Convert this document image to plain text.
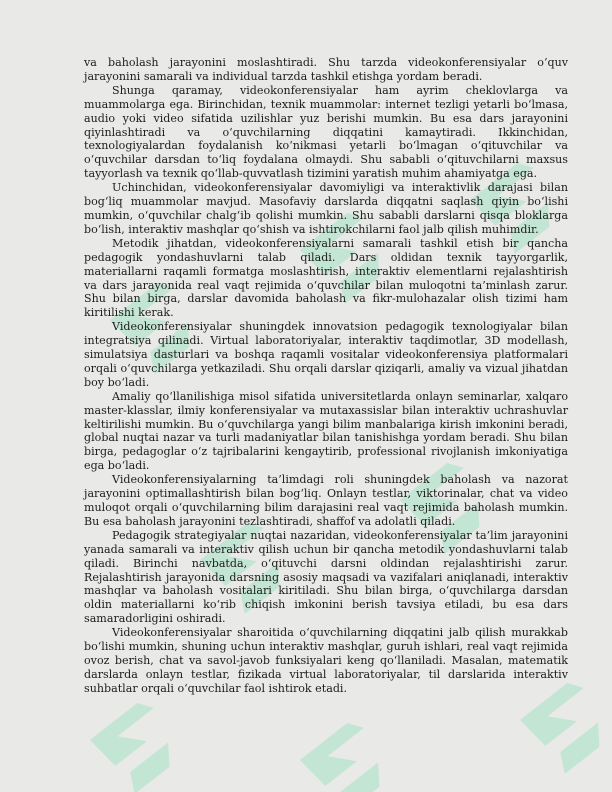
va baholash jarayonini moslashtiradi. Shu tarzda videokonferensiyalar o‘quv jarayonini samarali va individual tarzda tashkil etishga yordam beradi.

Shunga qaramay, videokonferensiyalar ham ayrim cheklovlarga va muammolarga ega. Birinchidan, texnik muammolar: internet tezligi yetarli bo‘lmasa, audio yoki video sifatida uzilishlar yuz berishi mumkin. Bu esa dars jarayonini qiyinlashtiradi va o‘quvchilarning diqqatini kamaytiradi. Ikkinchidan, texnologiyalardan foydalanish ko‘nikmasi yetarli bo‘lmagan o‘qituvchilar va o‘quvchilar darsdan to‘liq foydalana olmaydi. Shu sababli o‘qituvchilarni maxsus tayyorlash va texnik qo‘llab-quvvatlash tizimini yaratish muhim ahamiyatga ega.

Uchinchidan, videokonferensiyalar davomiyligi va interaktivlik darajasi bilan bog‘liq muammolar mavjud. Masofaviy darslarda diqqatni saqlash qiyin bo‘lishi mumkin, o‘quvchilar chalg‘ib qolishi mumkin. Shu sababli darslarni qisqa bloklarga bo‘lish, interaktiv mashqlar qo‘shish va ishtirokchilarni faol jalb qilish muhimdir.

Metodik jihatdan, videokonferensiyalarni samarali tashkil etish bir qancha pedagogik yondashuvlarni talab qiladi. Dars oldidan texnik tayyorgarlik, materiallarni raqamli formatga moslashtirish, interaktiv elementlarni rejalashtirish va dars jarayonida real vaqt rejimida o‘quvchilar bilan muloqotni ta’minlash zarur. Shu bilan birga, darslar davomida baholash va fikr-mulohazalar olish tizimi ham kiritilishi kerak.

Videokonferensiyalar shuningdek innovatsion pedagogik texnologiyalar bilan integratsiya qilinadi. Virtual laboratoriyalar, interaktiv taqdimotlar, 3D modellash, simulatsiya dasturlari va boshqa raqamli vositalar videokonferensiya platformalari orqali o‘quvchilarga yetkaziladi. Shu orqali darslar qiziqarli, amaliy va vizual jihatdan boy bo‘ladi.

Amaliy qo‘llanilishiga misol sifatida universitetlarda onlayn seminarlar, xalqaro master-klasslar, ilmiy konferensiyalar va mutaxassislar bilan interaktiv uchrashuvlar keltirilishi mumkin. Bu o‘quvchilarga yangi bilim manbalariga kirish imkonini beradi, global nuqtai nazar va turli madaniyatlar bilan tanishishga yordam beradi. Shu bilan birga, pedagoglar o‘z tajribalarini kengaytirib, professional rivojlanish imkoniyatiga ega bo‘ladi.

Videokonferensiyalarning ta’limdagi roli shuningdek baholash va nazorat jarayonini optimallashtirish bilan bog‘liq. Onlayn testlar, viktorinalar, chat va video muloqot orqali o‘quvchilarning bilim darajasini real vaqt rejimida baholash mumkin. Bu esa baholash jarayonini tezlashtiradi, shaffof va adolatli qiladi.

Pedagogik strategiyalar nuqtai nazaridan, videokonferensiyalar ta’lim jarayonini yanada samarali va interaktiv qilish uchun bir qancha metodik yondashuvlarni talab qiladi. Birinchi navbatda, o‘qituvchi darsni oldindan rejalashtirishi zarur. Rejalashtirish jarayonida darsning asosiy maqsadi va vazifalari aniqlanadi, interaktiv mashqlar va baholash vositalari kiritiladi. Shu bilan birga, o‘quvchilarga darsdan oldin materiallarni ko‘rib chiqish imkonini berish tavsiya etiladi, bu esa dars samaradorligini oshiradi.

Videokonferensiyalar sharoitida o‘quvchilarning diqqatini jalb qilish murakkab bo‘lishi mumkin, shuning uchun interaktiv mashqlar, guruh ishlari, real vaqt rejimida ovoz berish, chat va savol-javob funksiyalari keng qo‘llaniladi. Masalan, matematik darslarda onlayn testlar, fizikada virtual laboratoriyalar, til darslarida interaktiv suhbatlar orqali o‘quvchilar faol ishtirok etadi.
